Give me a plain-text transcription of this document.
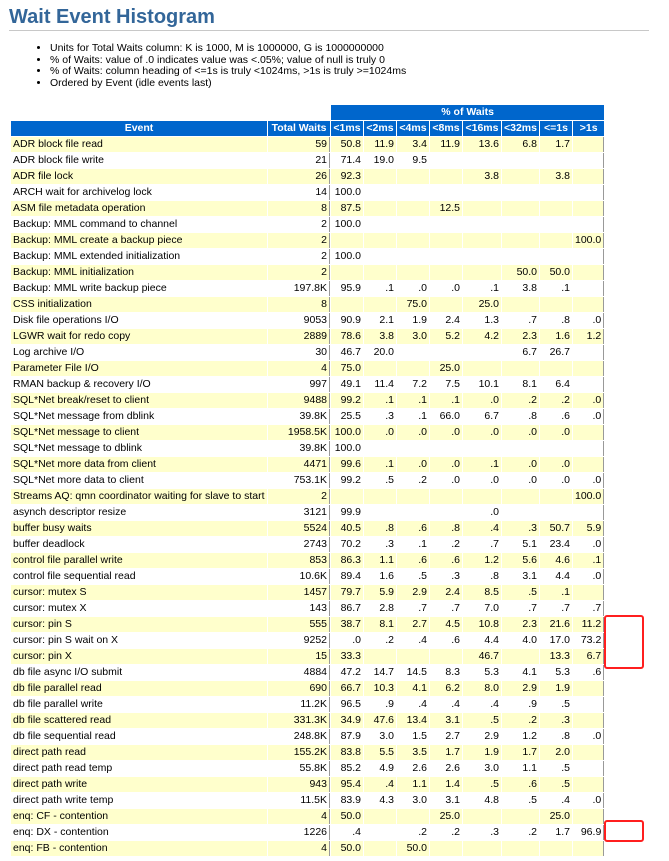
Wait Event Histogram
• Units for Total Waits column: K is 1000, M is 1000000, G is 1000000000
• % of Waits: value of .0 indicates value was <.05%; value of null is truly 0
• % of Waits: column heading of <=1s is truly <1024ms, >1s is truly >=1024ms
• Ordered by Event (idle events last)
		% of Waits							
Event	Total Waits	<1ms	<2ms	<4ms	<8ms	<16ms	<32ms	<=1s	>1s
ADR block file read	59	50.8	11.9	3.4	11.9	13.6	6.8	1.7	
ADR block file write	21	71.4	19.0	9.5					
ADR file lock	26	92.3				3.8		3.8	
ARCH wait for archivelog lock	14	100.0							
ASM file metadata operation	8	87.5			12.5				
Backup: MML command to channel	2	100.0							
Backup: MML create a backup piece	2								100.0
Backup: MML extended initialization	2	100.0							
Backup: MML initialization	2						50.0	50.0	
Backup: MML write backup piece	197.8K	95.9	.1	.0	.0	.1	3.8	.1	
CSS initialization	8			75.0		25.0			
Disk file operations I/O	9053	90.9	2.1	1.9	2.4	1.3	.7	.8	.0
LGWR wait for redo copy	2889	78.6	3.8	3.0	5.2	4.2	2.3	1.6	1.2
Log archive I/O	30	46.7	20.0				6.7	26.7	
Parameter File I/O	4	75.0			25.0				
RMAN backup & recovery I/O	997	49.1	11.4	7.2	7.5	10.1	8.1	6.4	
SQL*Net break/reset to client	9488	99.2	.1	.1	.1	.0	.2	.2	.0
SQL*Net message from dblink	39.8K	25.5	.3	.1	66.0	6.7	.8	.6	.0
SQL*Net message to client	1958.5K	100.0	.0	.0	.0	.0	.0	.0	
SQL*Net message to dblink	39.8K	100.0							
SQL*Net more data from client	4471	99.6	.1	.0	.0	.1	.0	.0	
SQL*Net more data to client	753.1K	99.2	.5	.2	.0	.0	.0	.0	.0
Streams AQ: qmn coordinator waiting for slave to start	2								100.0
asynch descriptor resize	3121	99.9				.0			
buffer busy waits	5524	40.5	.8	.6	.8	.4	.3	50.7	5.9
buffer deadlock	2743	70.2	.3	.1	.2	.7	5.1	23.4	.0
control file parallel write	853	86.3	1.1	.6	.6	1.2	5.6	4.6	.1
control file sequential read	10.6K	89.4	1.6	.5	.3	.8	3.1	4.4	.0
cursor: mutex S	1457	79.7	5.9	2.9	2.4	8.5	.5	.1	
cursor: mutex X	143	86.7	2.8	.7	.7	7.0	.7	.7	.7
cursor: pin S	555	38.7	8.1	2.7	4.5	10.8	2.3	21.6	11.2
cursor: pin S wait on X	9252	.0	.2	.4	.6	4.4	4.0	17.0	73.2
cursor: pin X	15	33.3				46.7		13.3	6.7
db file async I/O submit	4884	47.2	14.7	14.5	8.3	5.3	4.1	5.3	.6
db file parallel read	690	66.7	10.3	4.1	6.2	8.0	2.9	1.9	
db file parallel write	11.2K	96.5	.9	.4	.4	.4	.9	.5	
db file scattered read	331.3K	34.9	47.6	13.4	3.1	.5	.2	.3	
db file sequential read	248.8K	87.9	3.0	1.5	2.7	2.9	1.2	.8	.0
direct path read	155.2K	83.8	5.5	3.5	1.7	1.9	1.7	2.0	
direct path read temp	55.8K	85.2	4.9	2.6	2.6	3.0	1.1	.5	
direct path write	943	95.4	.4	1.1	1.4	.5	.6	.5	
direct path write temp	11.5K	83.9	4.3	3.0	3.1	4.8	.5	.4	.0
enq: CF - contention	4	50.0			25.0			25.0	
enq: DX - contention	1226	.4		.2	.2	.3	.2	1.7	96.9
enq: FB - contention	4	50.0		50.0					
